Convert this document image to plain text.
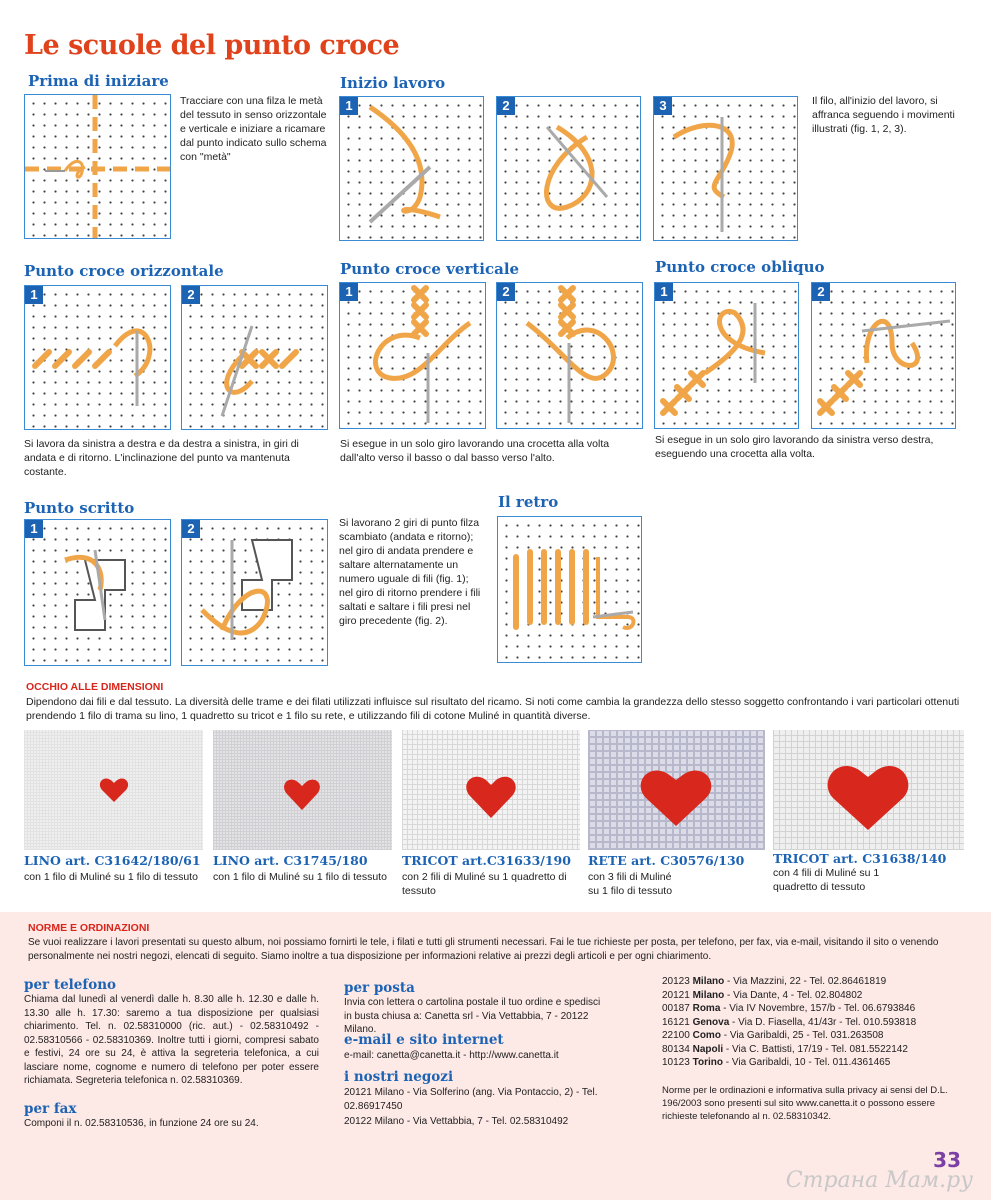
Le scuole del punto croce
Prima di iniziare
Tracciare con una filza le metà del tessuto in senso orizzontale e verticale e iniziare a ricamare dal punto indicato sullo schema con "metà"
Inizio lavoro
1	2	3	Il filo, all'inizio del lavoro, si affranca seguendo i movimenti illustrati (fig. 1, 2, 3).
Punto croce orizzontale
1	2
Si lavora da sinistra a destra e da destra a sinistra, in giri di andata e di ritorno. L'inclinazione del punto va mantenuta costante.
Punto croce verticale
1	2
Si esegue in un solo giro lavorando una crocetta alla volta dall'alto verso il basso o dal basso verso l'alto.
Punto croce obliquo
1	2
Si esegue in un solo giro lavorando da sinistra verso destra, eseguendo una crocetta alla volta.
Punto scritto
1	2	Si lavorano 2 giri di punto filza scambiato (andata e ritorno); nel giro di andata prendere e saltare alternatamente un numero uguale di fili (fig. 1); nel giro di ritorno prendere i fili saltati e saltare i fili presi nel giro precedente (fig. 2).
Il retro
OCCHIO ALLE DIMENSIONI
Dipendono dai fili e dal tessuto. La diversità delle trame e dei filati utilizzati influisce sul risultato del ricamo. Si noti come cambia la grandezza dello stesso soggetto confrontando i vari particolari ottenuti prendendo 1 filo di trama su lino, 1 quadretto su tricot e 1 filo su rete, e utilizzando fili di cotone Muliné in quantità diverse.
LINO art. C31642/180/61
con 1 filo di Muliné su 1 filo di tessuto
LINO art. C31745/180
con 1 filo di Muliné su 1 filo di tessuto
TRICOT art.C31633/190
con 2 fili di Muliné su 1 quadretto di tessuto
RETE art. C30576/130
con 3 fili di Muliné su 1 filo di tessuto
TRICOT art. C31638/140
con 4 fili di Muliné su 1 quadretto di tessuto
NORME E ORDINAZIONI
Se vuoi realizzare i lavori presentati su questo album, noi possiamo fornirti le tele, i filati e tutti gli strumenti necessari. Fai le tue richieste per posta, per telefono, per fax, via e-mail, visitando il sito o venendo personalmente nei nostri negozi, elencati di seguito. Siamo inoltre a tua disposizione per informazioni relative ai prezzi degli articoli e per ogni chiarimento.
per telefono
Chiama dal lunedì al venerdì dalle h. 8.30 alle h. 12.30 e dalle h. 13.30 alle h. 17.30: saremo a tua disposizione per qualsiasi chiarimento. Tel. n. 02.58310000 (ric. aut.) - 02.58310492 - 02.58310566 - 02.58310369. Inoltre tutti i giorni, compresi sabato e festivi, 24 ore su 24, è attiva la segreteria telefonica, a cui lasciare nome, cognome e numero di telefono per poter essere richiamata. Segreteria telefonica n. 02.58310369.
per fax
Componi il n. 02.58310536, in funzione 24 ore su 24.
per posta
Invia con lettera o cartolina postale il tuo ordine e spedisci in busta chiusa a: Canetta srl - Via Vettabbia, 7 - 20122 Milano.
e-mail e sito internet
e-mail: canetta@canetta.it - http://www.canetta.it
i nostri negozi
20121 Milano - Via Solferino (ang. Via Pontaccio, 2) - Tel. 02.86917450
20122 Milano - Via Vettabbia, 7 - Tel. 02.58310492
20123 Milano - Via Mazzini, 22 - Tel. 02.86461819
20121 Milano - Via Dante, 4 - Tel. 02.804802
00187 Roma - Via IV Novembre, 157/b - Tel. 06.6793846
16121 Genova - Via D. Fiasella, 41/43r - Tel. 010.593818
22100 Como - Via Garibaldi, 25 - Tel. 031.263508
80134 Napoli - Via C. Battisti, 17/19 - Tel. 081.5522142
10123 Torino - Via Garibaldi, 10 - Tel. 011.4361465
Norme per le ordinazioni e informativa sulla privacy ai sensi del D.L. 196/2003 sono presenti sul sito www.canetta.it o possono essere richieste telefonando al n. 02.58310342.
33
Страна Мам.ру
